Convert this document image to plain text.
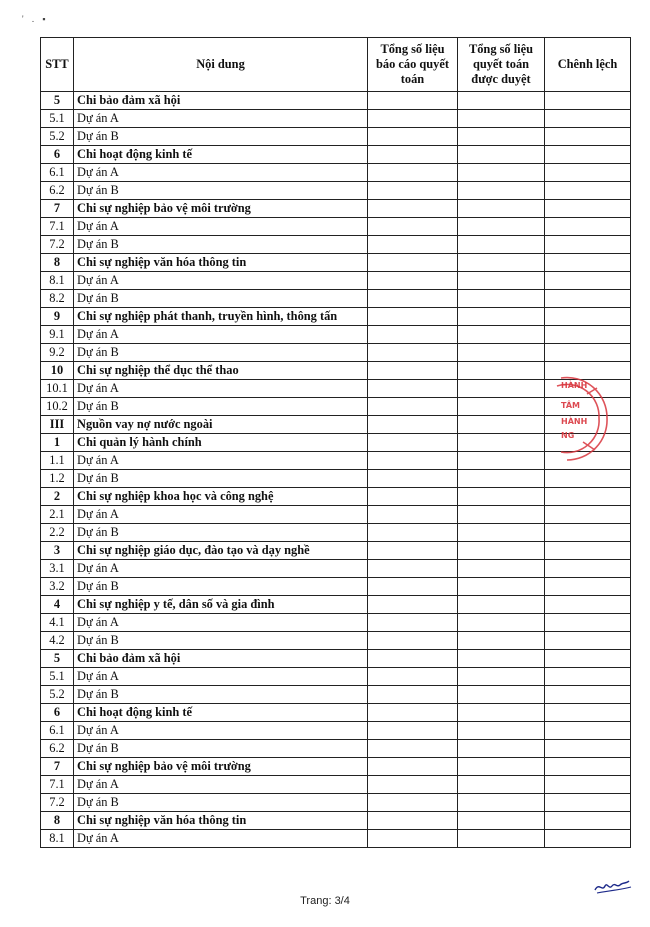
' . ▪
STT	Nội dung	Tổng số liệu báo cáo quyết toán	Tổng số liệu quyết toán được duyệt	Chênh lệch
5	Chi bảo đảm xã hội			
5.1	Dự án A			
5.2	Dự án B			
6	Chi hoạt động kinh tế			
6.1	Dự án A			
6.2	Dự án B			
7	Chi sự nghiệp bảo vệ môi trường			
7.1	Dự án A			
7.2	Dự án B			
8	Chi sự nghiệp văn hóa thông tin			
8.1	Dự án A			
8.2	Dự án B			
9	Chi sự nghiệp phát thanh, truyền hình, thông tấn			
9.1	Dự án A			
9.2	Dự án B			
10	Chi sự nghiệp thể dục thể thao			
10.1	Dự án A			
10.2	Dự án B			
III	Nguồn vay nợ nước ngoài			
1	Chi quản lý hành chính			
1.1	Dự án A			
1.2	Dự án B			
2	Chi sự nghiệp khoa học và công nghệ			
2.1	Dự án A			
2.2	Dự án B			
3	Chi sự nghiệp giáo dục, đào tạo và dạy nghề			
3.1	Dự án A			
3.2	Dự án B			
4	Chi sự nghiệp y tế, dân số và gia đình			
4.1	Dự án A			
4.2	Dự án B			
5	Chi bảo đảm xã hội			
5.1	Dự án A			
5.2	Dự án B			
6	Chi hoạt động kinh tế			
6.1	Dự án A			
6.2	Dự án B			
7	Chi sự nghiệp bảo vệ môi trường			
7.1	Dự án A			
7.2	Dự án B			
8	Chi sự nghiệp văn hóa thông tin			
8.1	Dự án A			
HÀNH
TÂM
HÀNH
NG
Trang: 3/4
